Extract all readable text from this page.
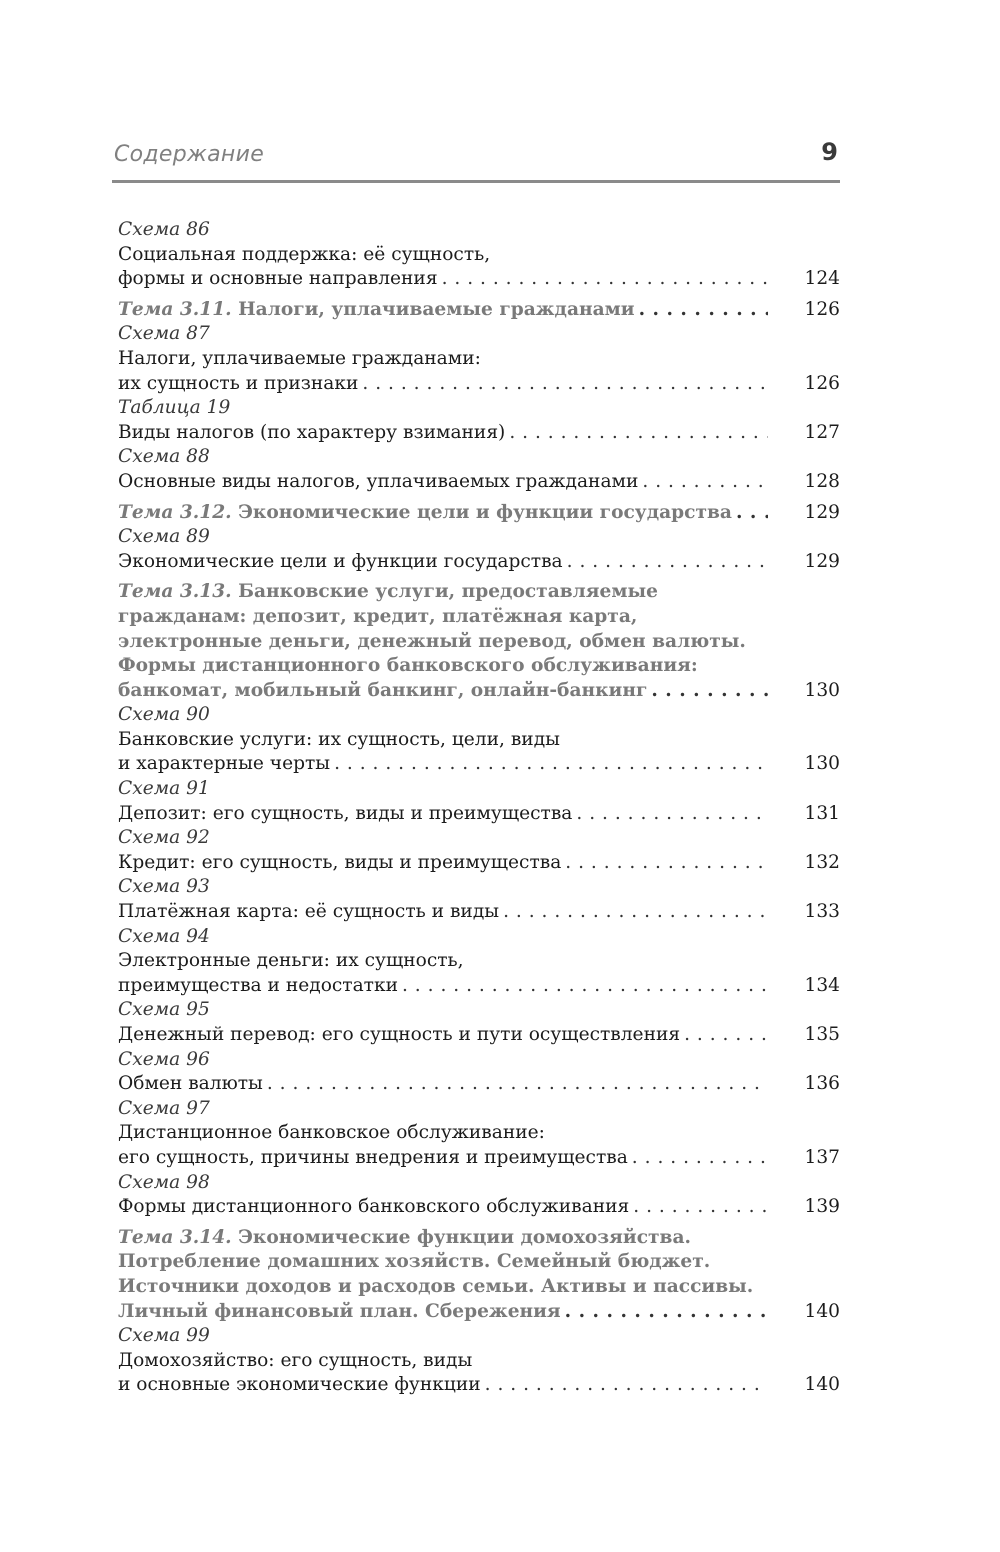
Содержание	9
Схема 86
Социальная поддержка: её сущность,
формы и основные направления . . .	124
Тема 3.11. Налоги, уплачиваемые гражданами . . .	126
Схема 87
Налоги, уплачиваемые гражданами:
их сущность и признаки . . .	126
Таблица 19
Виды налогов (по характеру взимания) . . .	127
Схема 88
Основные виды налогов, уплачиваемых гражданами . . .	128
Тема 3.12. Экономические цели и функции государства . . .	129
Схема 89
Экономические цели и функции государства . . .	129
Тема 3.13. Банковские услуги, предоставляемые
гражданам: депозит, кредит, платёжная карта,
электронные деньги, денежный перевод, обмен валюты.
Формы дистанционного банковского обслуживания:
банкомат, мобильный банкинг, онлайн-банкинг . . .	130
Схема 90
Банковские услуги: их сущность, цели, виды
и характерные черты . . .	130
Схема 91
Депозит: его сущность, виды и преимущества . . .	131
Схема 92
Кредит: его сущность, виды и преимущества . . .	132
Схема 93
Платёжная карта: её сущность и виды . . .	133
Схема 94
Электронные деньги: их сущность,
преимущества и недостатки . . .	134
Схема 95
Денежный перевод: его сущность и пути осуществления . . .	135
Схема 96
Обмен валюты . . .	136
Схема 97
Дистанционное банковское обслуживание:
его сущность, причины внедрения и преимущества . . .	137
Схема 98
Формы дистанционного банковского обслуживания . . .	139
Тема 3.14. Экономические функции домохозяйства.
Потребление домашних хозяйств. Семейный бюджет.
Источники доходов и расходов семьи. Активы и пассивы.
Личный финансовый план. Сбережения . . .	140
Схема 99
Домохозяйство: его сущность, виды
и основные экономические функции . . .	140
